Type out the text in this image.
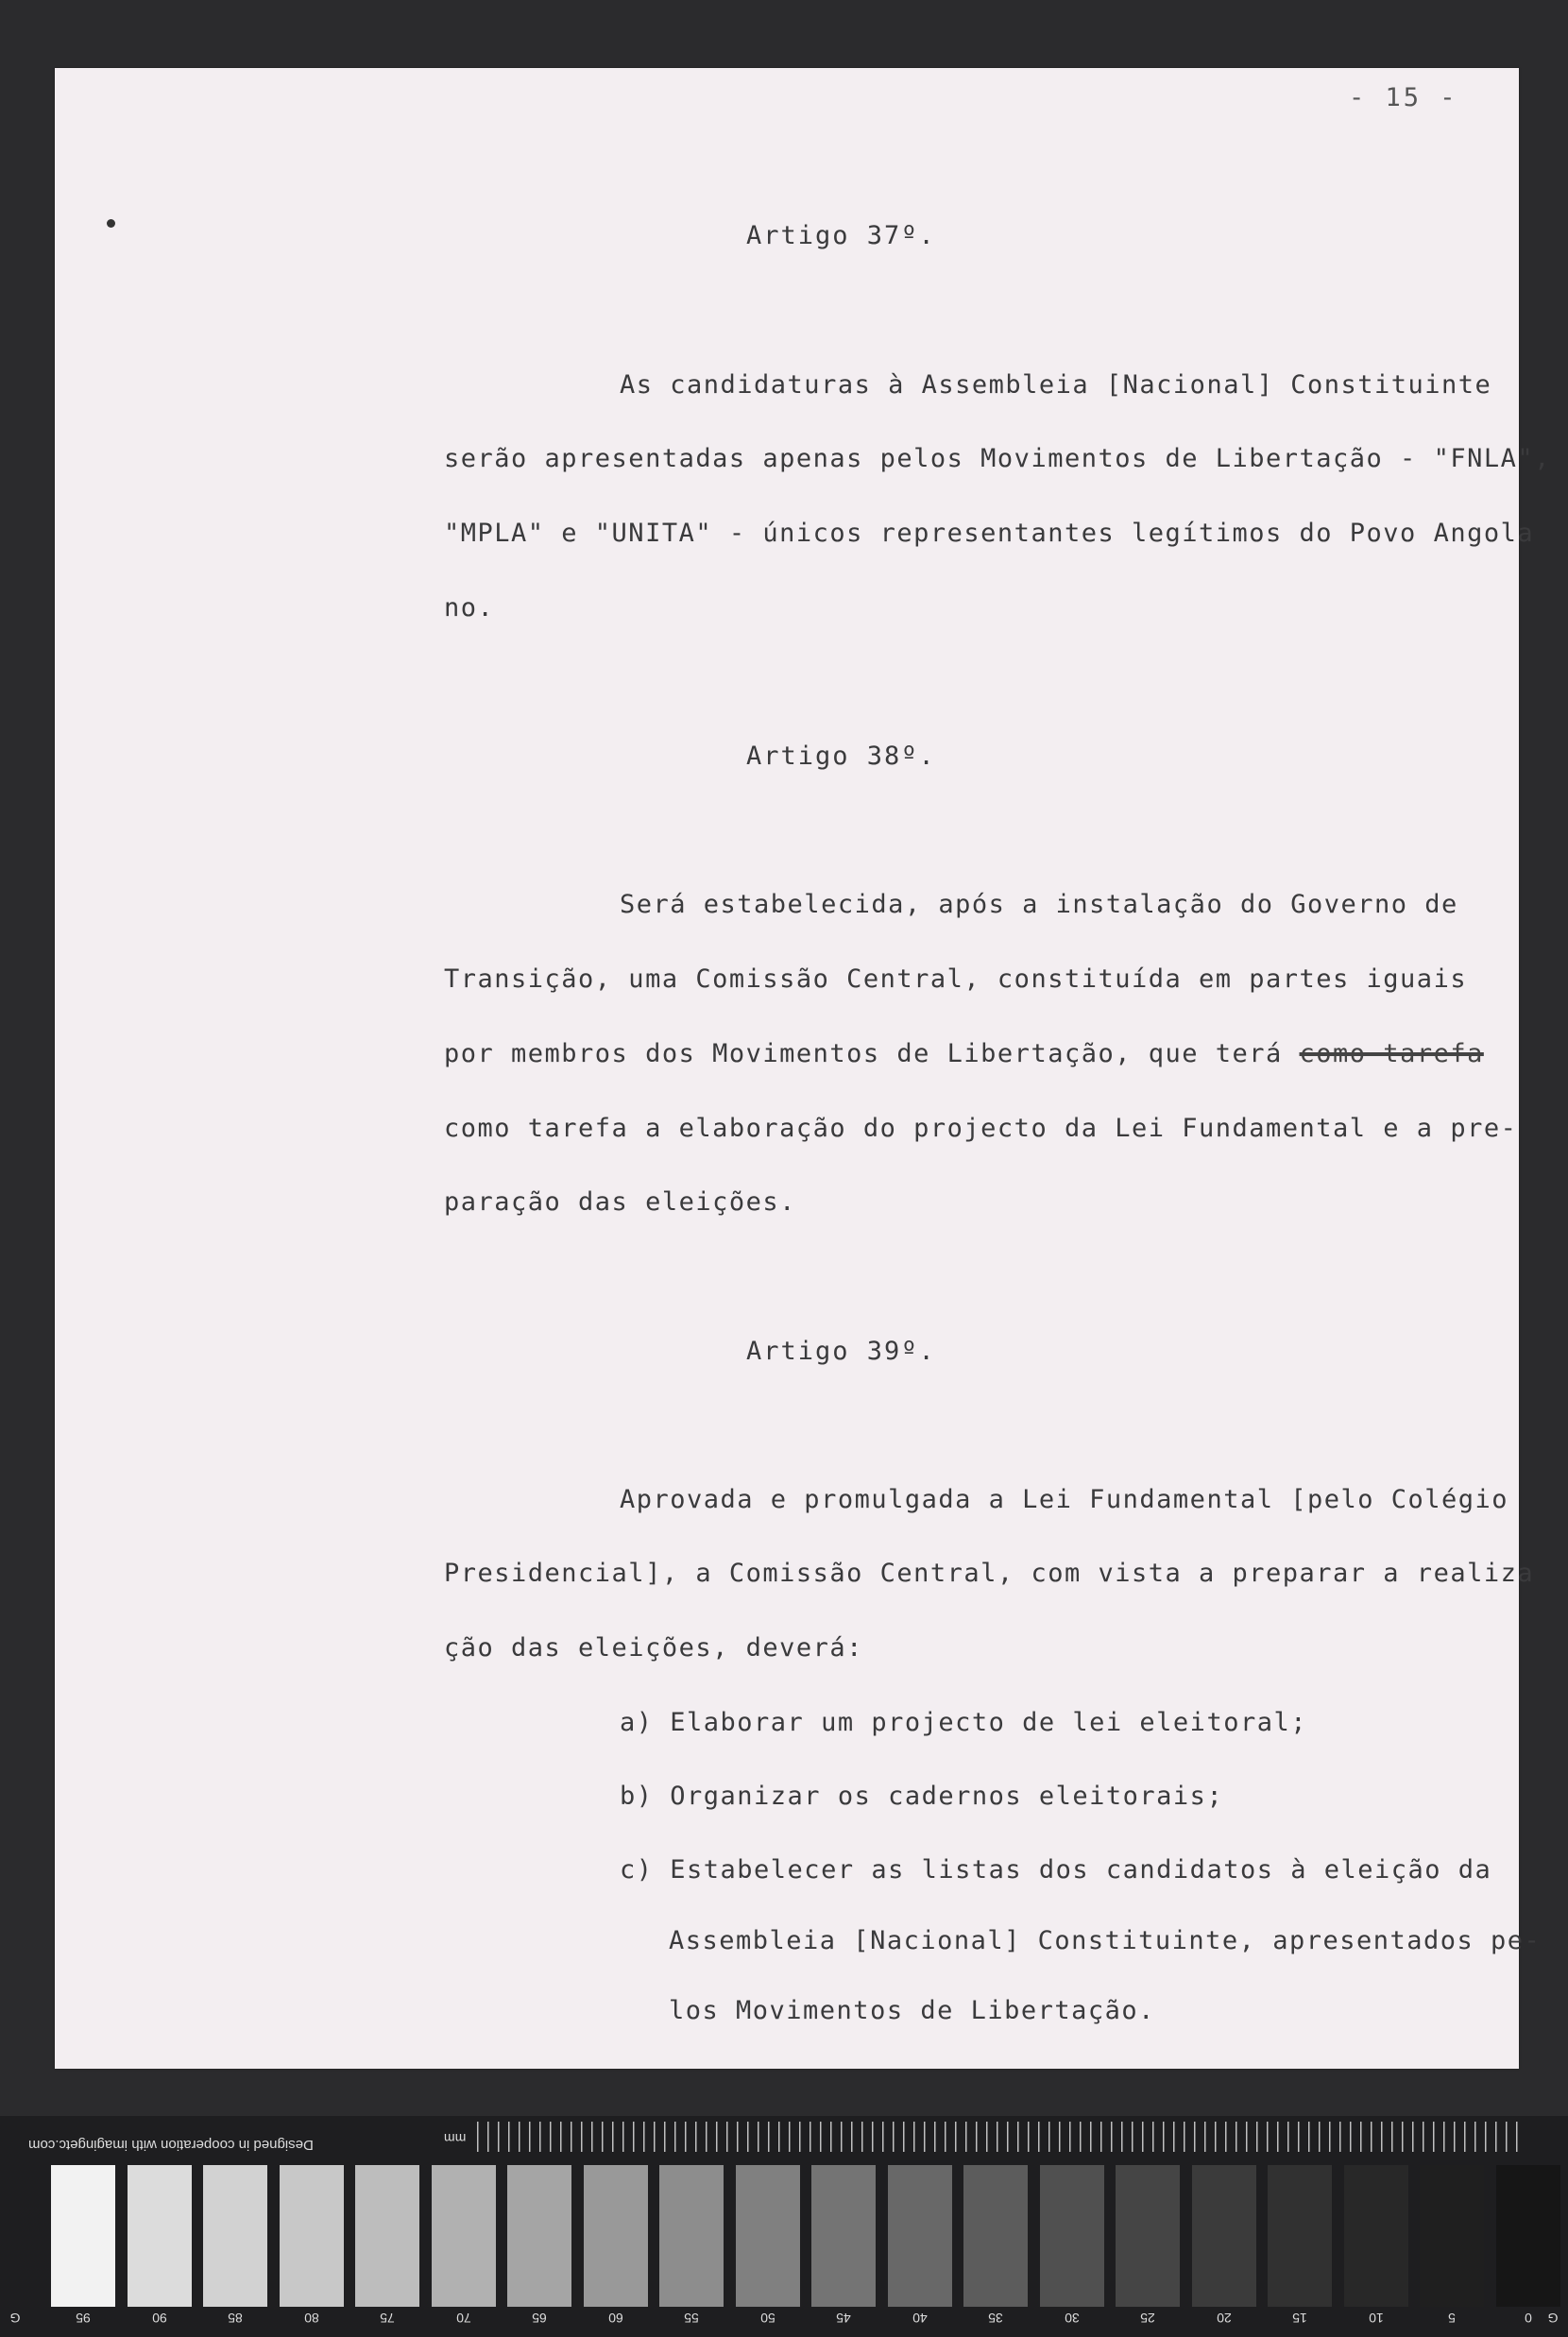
- 15 -
Artigo 37º.
As candidaturas à Assembleia [Nacional] Constituinte
serão apresentadas apenas pelos Movimentos de Libertação - "FNLA",
"MPLA" e "UNITA" - únicos representantes legítimos do Povo Angola
no.
Artigo 38º.
Será estabelecida, após a instalação do Governo de
Transição, uma Comissão Central, constituída em partes iguais
por membros dos Movimentos de Libertação, que terá como tarefa
como tarefa a elaboração do projecto da Lei Fundamental e a pre-
paração das eleições.
Artigo 39º.
Aprovada e promulgada a Lei Fundamental [pelo Colégio
Presidencial], a Comissão Central, com vista a preparar a realiza
ção das eleições, deverá:
a) Elaborar um projecto de lei eleitoral;
b) Organizar os cadernos eleitorais;
c) Estabelecer as listas dos candidatos à eleição da
Assembleia [Nacional] Constituinte, apresentados pe-
los Movimentos de Libertação.
Designed in cooperation with imagingetc.com	mm
G	G
95	90	85	80	75	70	65	60	55	50	45	40	35	30	25	20	15	10	5	0
